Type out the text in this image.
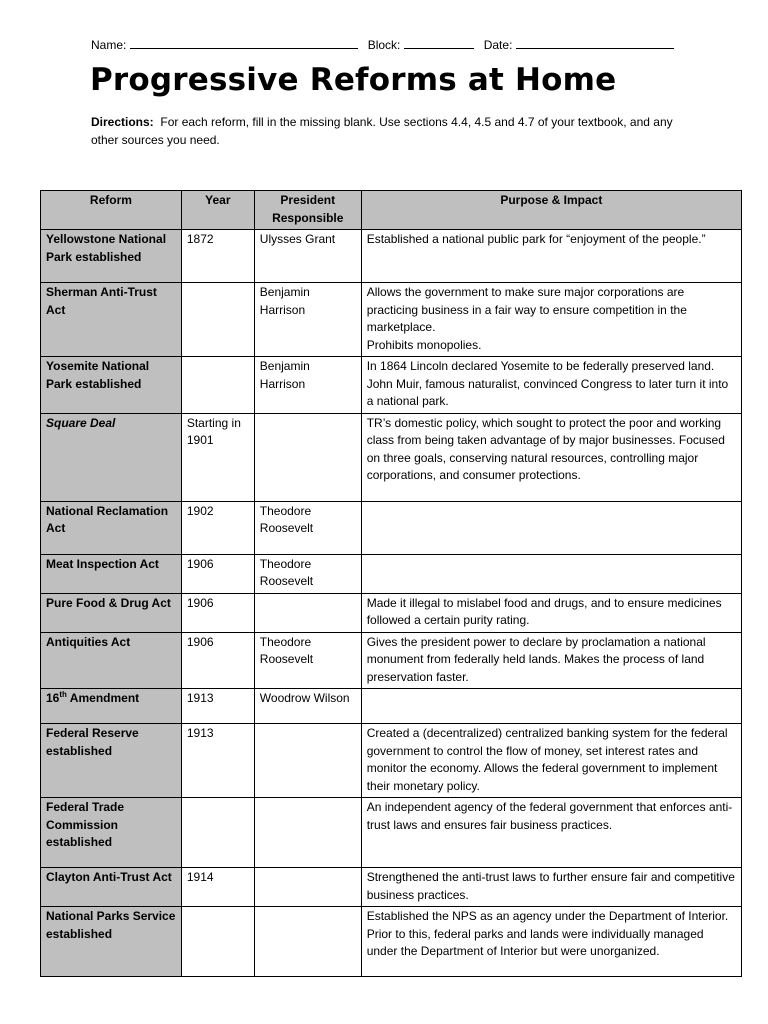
Name:	Block:	Date:
Progressive Reforms at Home
Directions: For each reform, fill in the missing blank. Use sections 4.4, 4.5 and 4.7 of your textbook, and any other sources you need.
Reform	Year	President Responsible	Purpose & Impact
Yellowstone National Park established	1872	Ulysses Grant	Established a national public park for “enjoyment of the people.”
Sherman Anti-Trust Act		Benjamin Harrison	Allows the government to make sure major corporations are practicing business in a fair way to ensure competition in the marketplace.
Prohibits monopolies.
Yosemite National Park established		Benjamin Harrison	In 1864 Lincoln declared Yosemite to be federally preserved land. John Muir, famous naturalist, convinced Congress to later turn it into a national park.
Square Deal	Starting in 1901		TR’s domestic policy, which sought to protect the poor and working class from being taken advantage of by major businesses. Focused on three goals, conserving natural resources, controlling major corporations, and consumer protections.
National Reclamation Act	1902	Theodore Roosevelt	
Meat Inspection Act	1906	Theodore Roosevelt	
Pure Food & Drug Act	1906		Made it illegal to mislabel food and drugs, and to ensure medicines followed a certain purity rating.
Antiquities Act	1906	Theodore Roosevelt	Gives the president power to declare by proclamation a national monument from federally held lands. Makes the process of land preservation faster.
16th Amendment	1913	Woodrow Wilson	
Federal Reserve established	1913		Created a (decentralized) centralized banking system for the federal government to control the flow of money, set interest rates and monitor the economy. Allows the federal government to implement their monetary policy.
Federal Trade Commission established			An independent agency of the federal government that enforces anti-trust laws and ensures fair business practices.
Clayton Anti-Trust Act	1914		Strengthened the anti-trust laws to further ensure fair and competitive business practices.
National Parks Service established			Established the NPS as an agency under the Department of Interior. Prior to this, federal parks and lands were individually managed under the Department of Interior but were unorganized.
